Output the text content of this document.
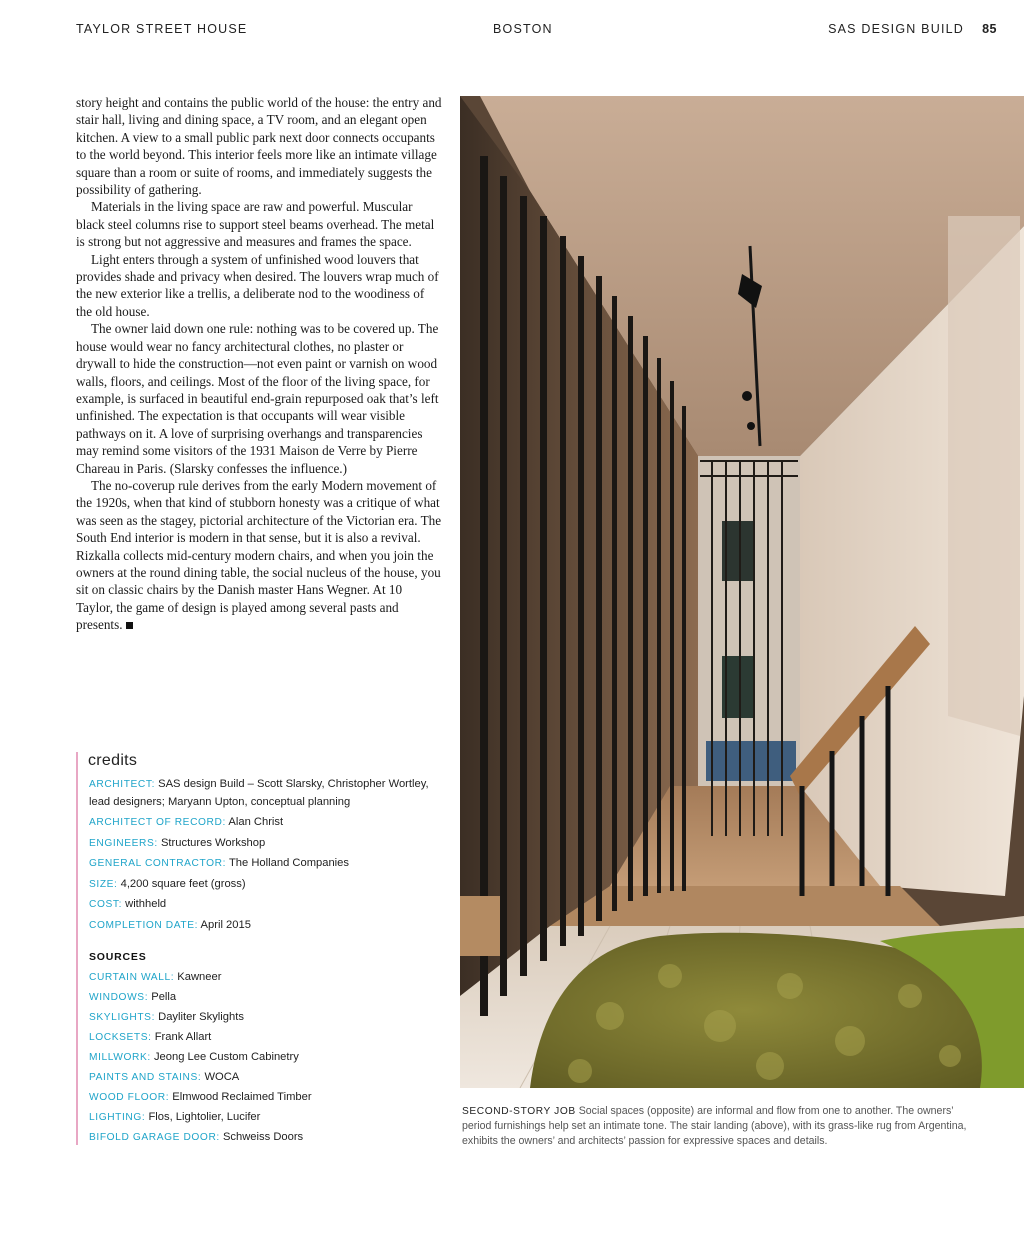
TAYLOR STREET HOUSE	BOSTON	SAS DESIGN BUILD 85

story height and contains the public world of the house: the entry and stair hall, living and dining space, a TV room, and an elegant open kitchen. A view to a small public park next door connects occupants to the world beyond. This interior feels more like an intimate village square than a room or suite of rooms, and immediately suggests the possibility of gathering.

Materials in the living space are raw and powerful. Muscular black steel columns rise to support steel beams overhead. The metal is strong but not aggressive and measures and frames the space.

Light enters through a system of unfinished wood louvers that provides shade and privacy when desired. The louvers wrap much of the new exterior like a trellis, a deliberate nod to the woodiness of the old house.

The owner laid down one rule: nothing was to be covered up. The house would wear no fancy architectural clothes, no plaster or drywall to hide the construction—not even paint or varnish on wood walls, floors, and ceilings. Most of the floor of the living space, for example, is surfaced in beautiful end-grain repurposed oak that’s left unfinished. The expectation is that occupants will wear visible pathways on it. A love of surprising overhangs and transparencies may remind some visitors of the 1931 Maison de Verre by Pierre Chareau in Paris. (Slarsky confesses the influence.)

The no-coverup rule derives from the early Modern movement of the 1920s, when that kind of stubborn honesty was a critique of what was seen as the stagey, pictorial architecture of the Victorian era. The South End interior is modern in that sense, but it is also a revival. Rizkalla collects mid-century modern chairs, and when you join the owners at the round dining table, the social nucleus of the house, you sit on classic chairs by the Danish master Hans Wegner. At 10 Taylor, the game of design is played among several pasts and presents.

credits
ARCHITECT: SAS design Build – Scott Slarsky, Christopher Wortley, lead designers; Maryann Upton, conceptual planning
ARCHITECT OF RECORD: Alan Christ
ENGINEERS: Structures Workshop
GENERAL CONTRACTOR: The Holland Companies
SIZE: 4,200 square feet (gross)
COST: withheld
COMPLETION DATE: April 2015
SOURCES
CURTAIN WALL: Kawneer
WINDOWS: Pella
SKYLIGHTS: Dayliter Skylights
LOCKSETS: Frank Allart
MILLWORK: Jeong Lee Custom Cabinetry
PAINTS AND STAINS: WOCA
WOOD FLOOR: Elmwood Reclaimed Timber
LIGHTING: Flos, Lightolier, Lucifer
BIFOLD GARAGE DOOR: Schweiss Doors
SECOND-STORY JOB Social spaces (opposite) are informal and flow from one to another. The owners’ period furnishings help set an intimate tone. The stair landing (above), with its grass-like rug from Argentina, exhibits the owners’ and architects’ passion for expressive spaces and details.
